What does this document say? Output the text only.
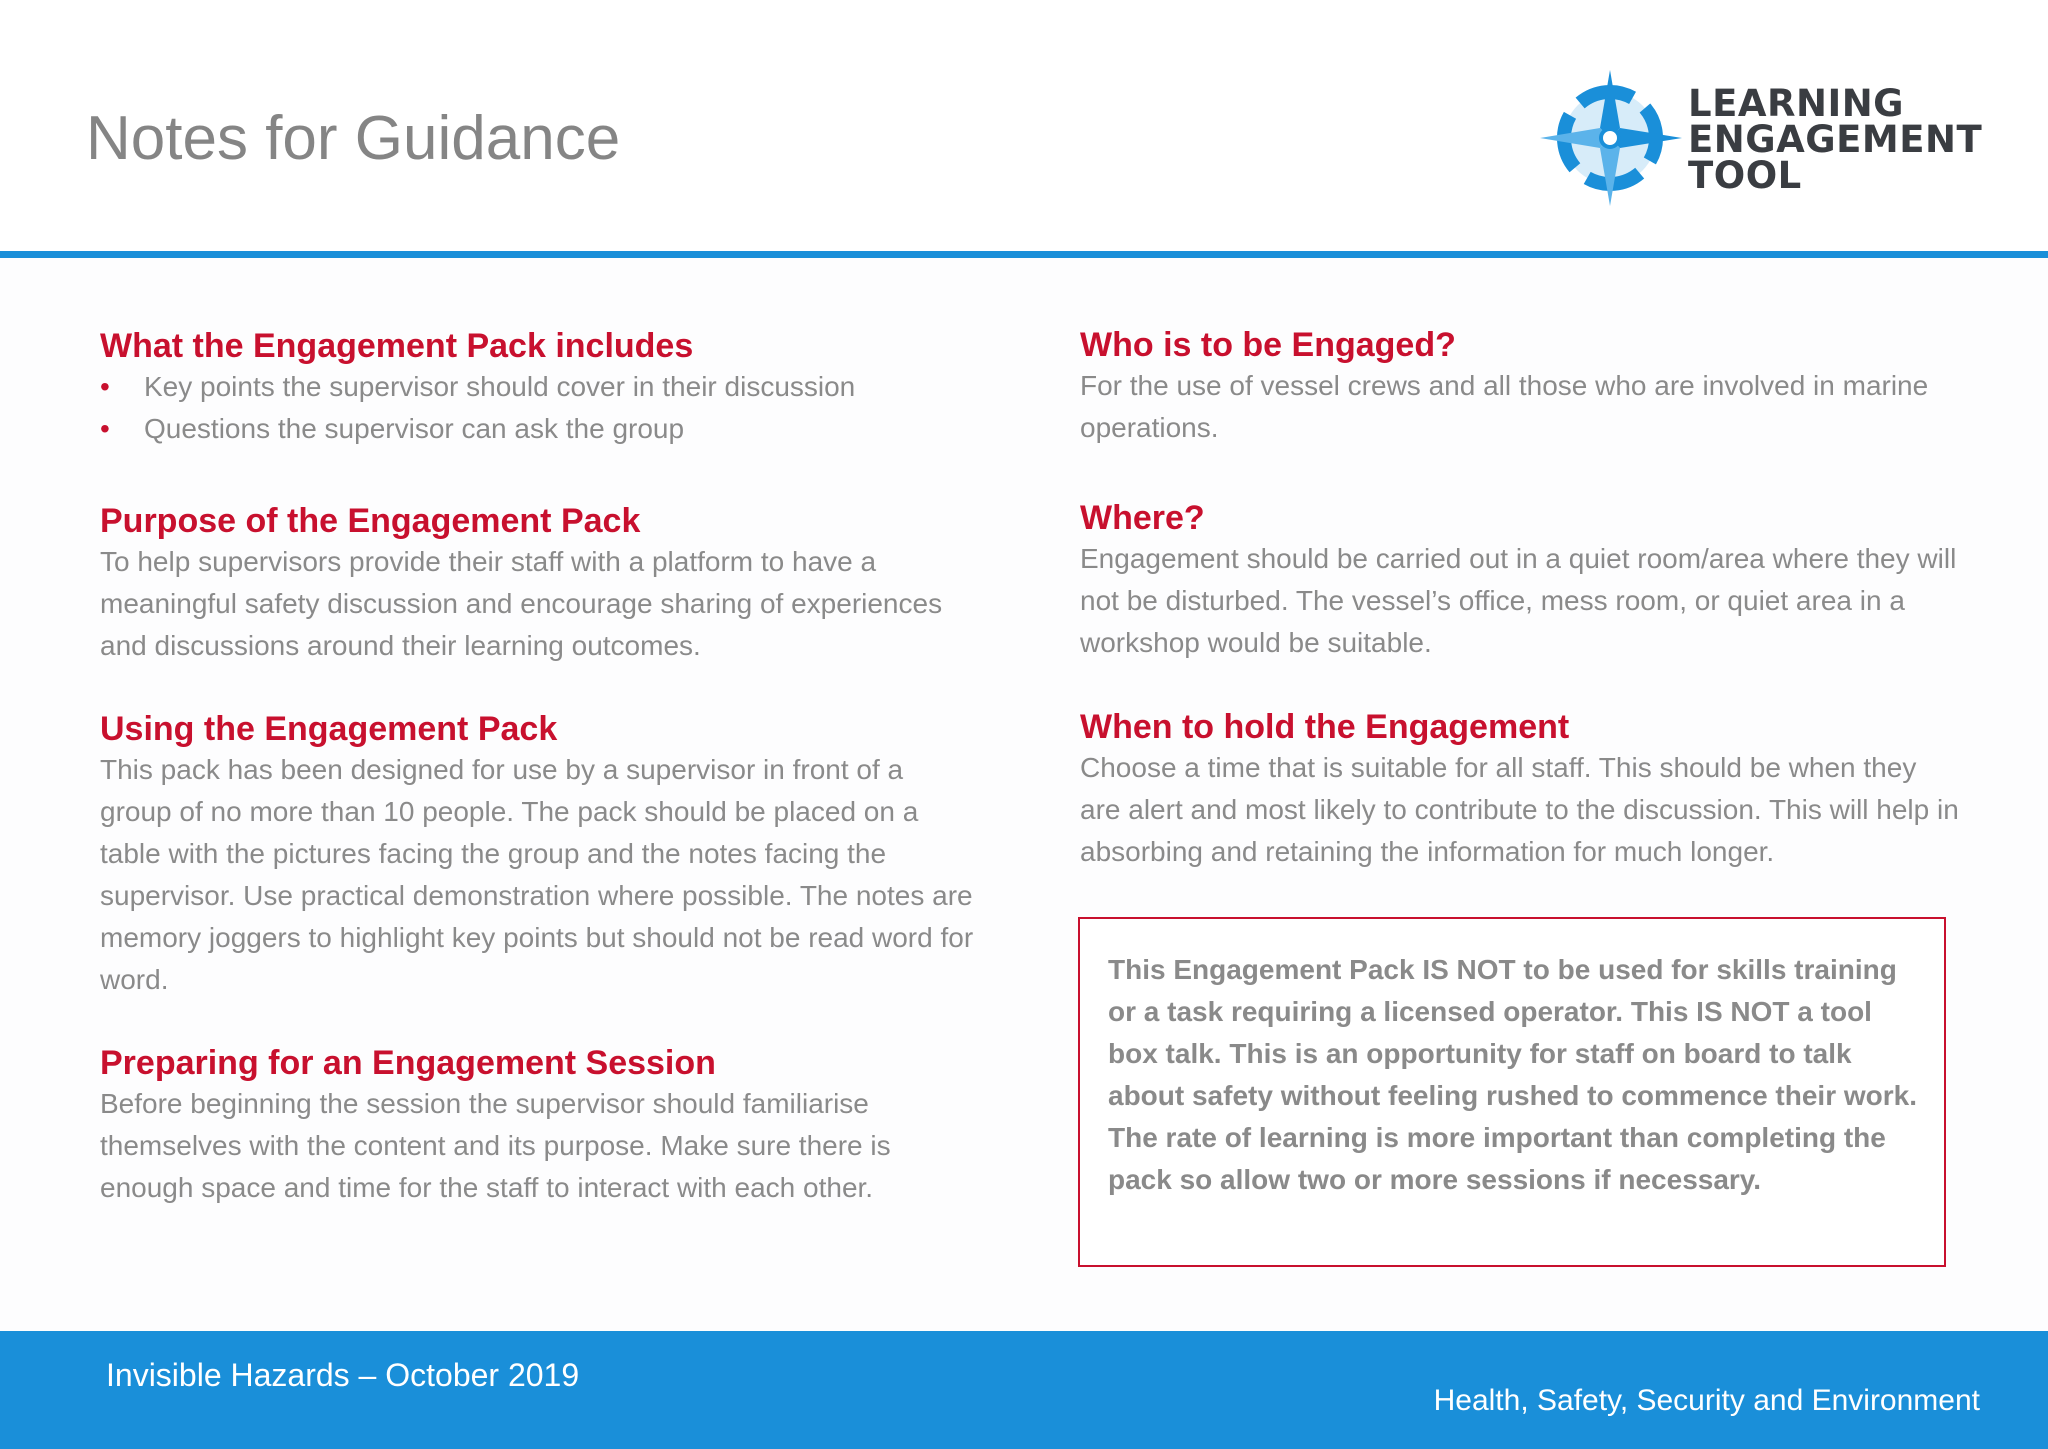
Notes for Guidance
LEARNING
ENGAGEMENT
TOOL
What the Engagement Pack includes
• Key points the supervisor should cover in their discussion
• Questions the supervisor can ask the group
Purpose of the Engagement Pack

To help supervisors provide their staff with a platform to have a meaningful safety discussion and encourage sharing of experiences and discussions around their learning outcomes.

Using the Engagement Pack

This pack has been designed for use by a supervisor in front of a group of no more than 10 people. The pack should be placed on a table with the pictures facing the group and the notes facing the supervisor. Use practical demonstration where possible. The notes are memory joggers to highlight key points but should not be read word for word.

Preparing for an Engagement Session

Before beginning the session the supervisor should familiarise themselves with the content and its purpose. Make sure there is enough space and time for the staff to interact with each other.

Who is to be Engaged?

For the use of vessel crews and all those who are involved in marine operations.

Where?

Engagement should be carried out in a quiet room/area where they will not be disturbed. The vessel’s office, mess room, or quiet area in a workshop would be suitable.

When to hold the Engagement

Choose a time that is suitable for all staff. This should be when they are alert and most likely to contribute to the discussion. This will help in absorbing and retaining the information for much longer.

This Engagement Pack IS NOT to be used for skills training or a task requiring a licensed operator. This IS NOT a tool box talk. This is an opportunity for staff on board to talk about safety without feeling rushed to commence their work. The rate of learning is more important than completing the pack so allow two or more sessions if necessary.

Invisible Hazards – October 2019
Health, Safety, Security and Environment
